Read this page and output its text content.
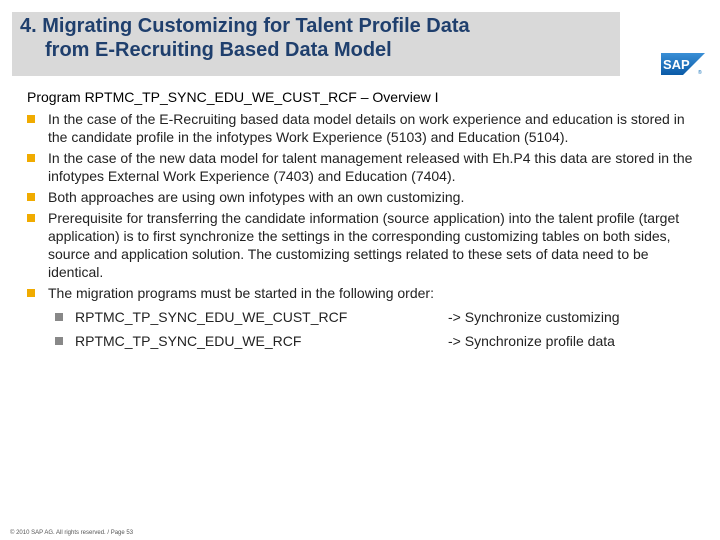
4. Migrating Customizing for Talent Profile Data
from E-Recruiting Based Data Model
SAP
®
Program RPTMC_TP_SYNC_EDU_WE_CUST_RCF – Overview I
In the case of the E-Recruiting based data model details on work experience and education is stored in the candidate profile in the infotypes Work Experience (5103) and Education (5104).
In the case of the new data model for talent management released with Eh.P4 this data are stored in the infotypes External Work Experience (7403) and Education (7404).
Both approaches are using own infotypes with an own customizing.
Prerequisite for transferring the candidate information (source application) into the talent profile (target application) is to first synchronize the settings in the corresponding customizing tables on both sides, source and application solution. The customizing settings related to these sets of data need to be identical.
The migration programs must be started in the following order:
RPTMC_TP_SYNC_EDU_WE_CUST_RCF	-> Synchronize customizing
RPTMC_TP_SYNC_EDU_WE_RCF	-> Synchronize profile data
© 2010 SAP AG. All rights reserved. / Page 53
